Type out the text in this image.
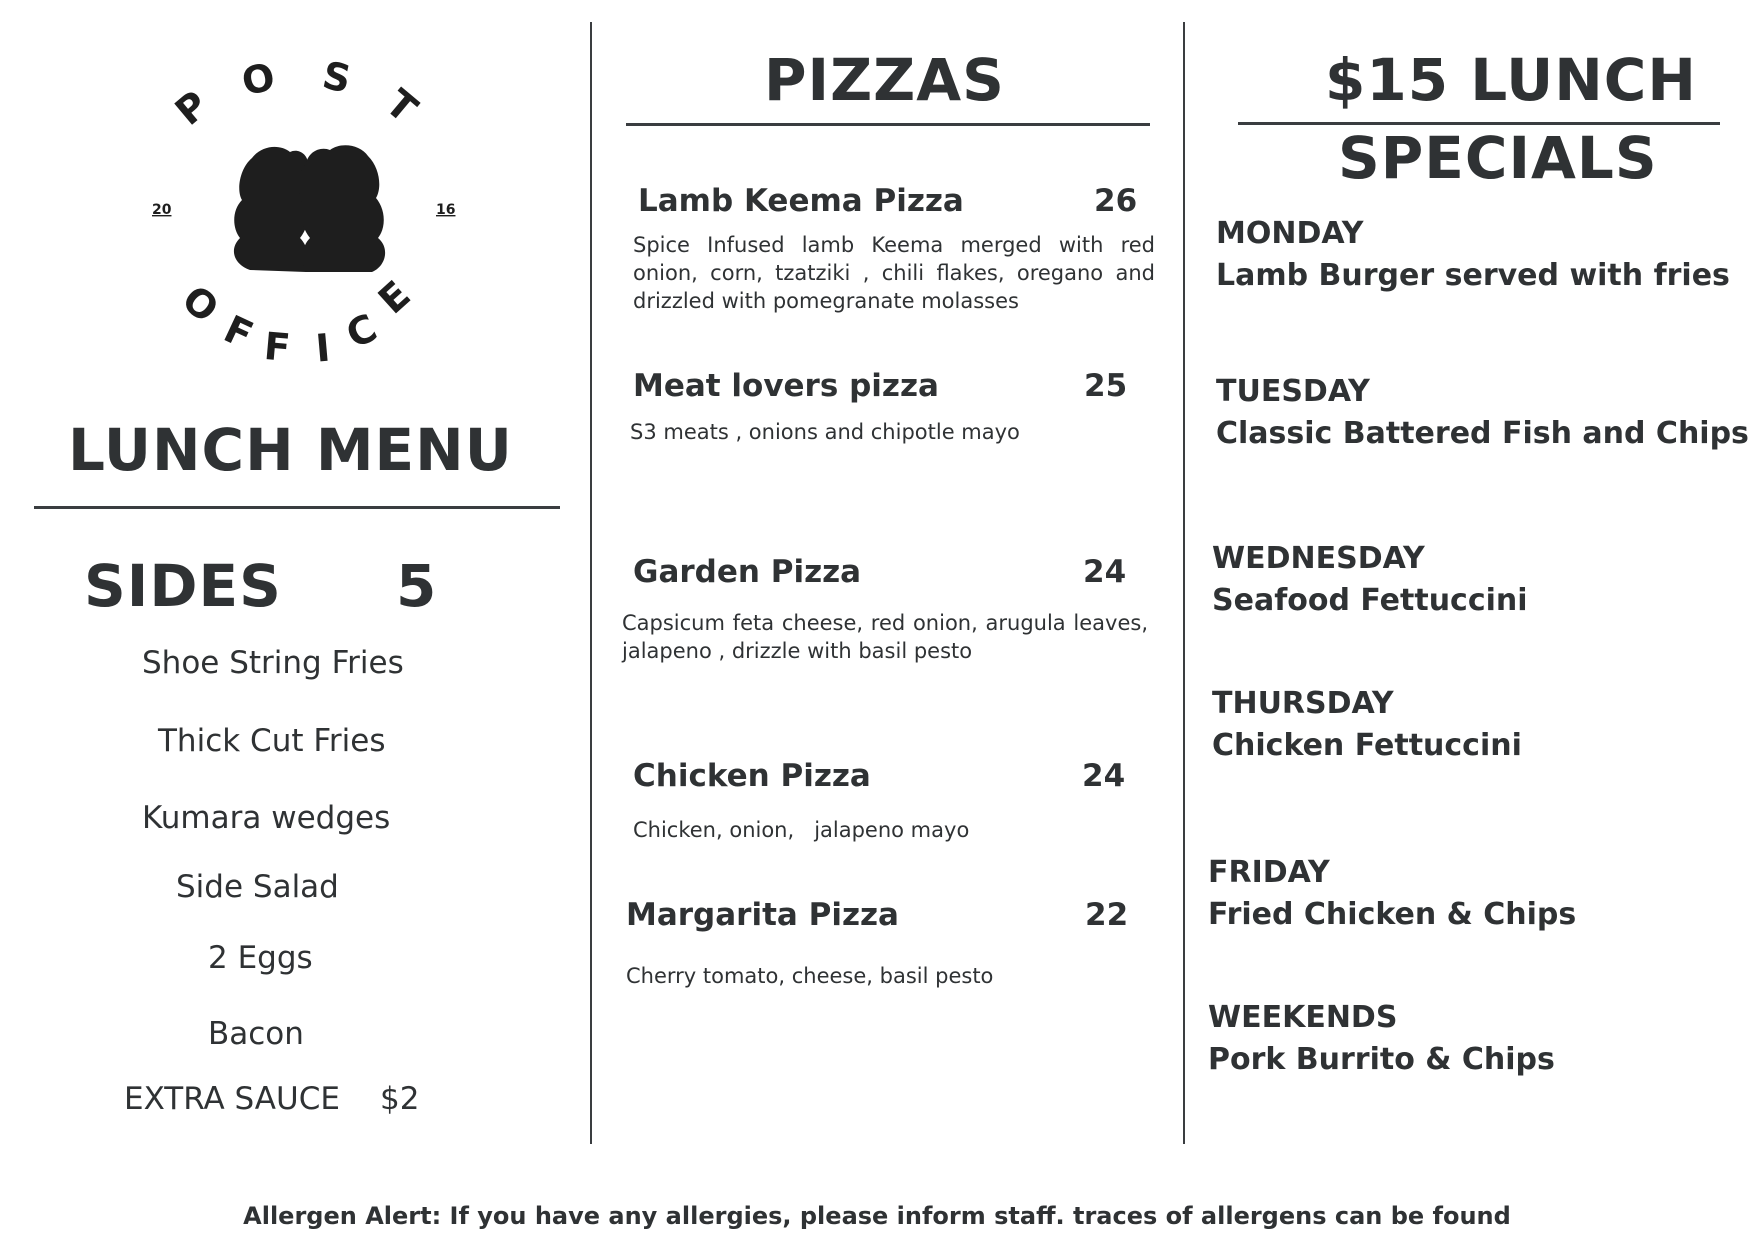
P
O S
T
O
F F I C
E
20	16
LUNCH MENU
SIDES 5
Shoe String Fries
Thick Cut Fries
Kumara wedges
Side Salad
2 Eggs
Bacon
EXTRA SAUCE $2
PIZZAS
Lamb Keema Pizza	26
Spice Infused lamb Keema merged with red onion, corn, tzatziki , chili flakes, oregano and drizzled with pomegranate molasses
Meat lovers pizza	25
S3 meats , onions and chipotle mayo
Garden Pizza	24
Capsicum feta cheese, red onion, arugula leaves, jalapeno , drizzle with basil pesto
Chicken Pizza	24
Chicken, onion,   jalapeno mayo
Margarita Pizza	22
Cherry tomato, cheese, basil pesto
$15 LUNCH
SPECIALS
MONDAY
Lamb Burger served with fries
TUESDAY
Classic Battered Fish and Chips
WEDNESDAY
Seafood Fettuccini
THURSDAY
Chicken Fettuccini
FRIDAY
Fried Chicken & Chips
WEEKENDS
Pork Burrito & Chips
Allergen Alert: If you have any allergies, please inform staff. traces of allergens can be found
